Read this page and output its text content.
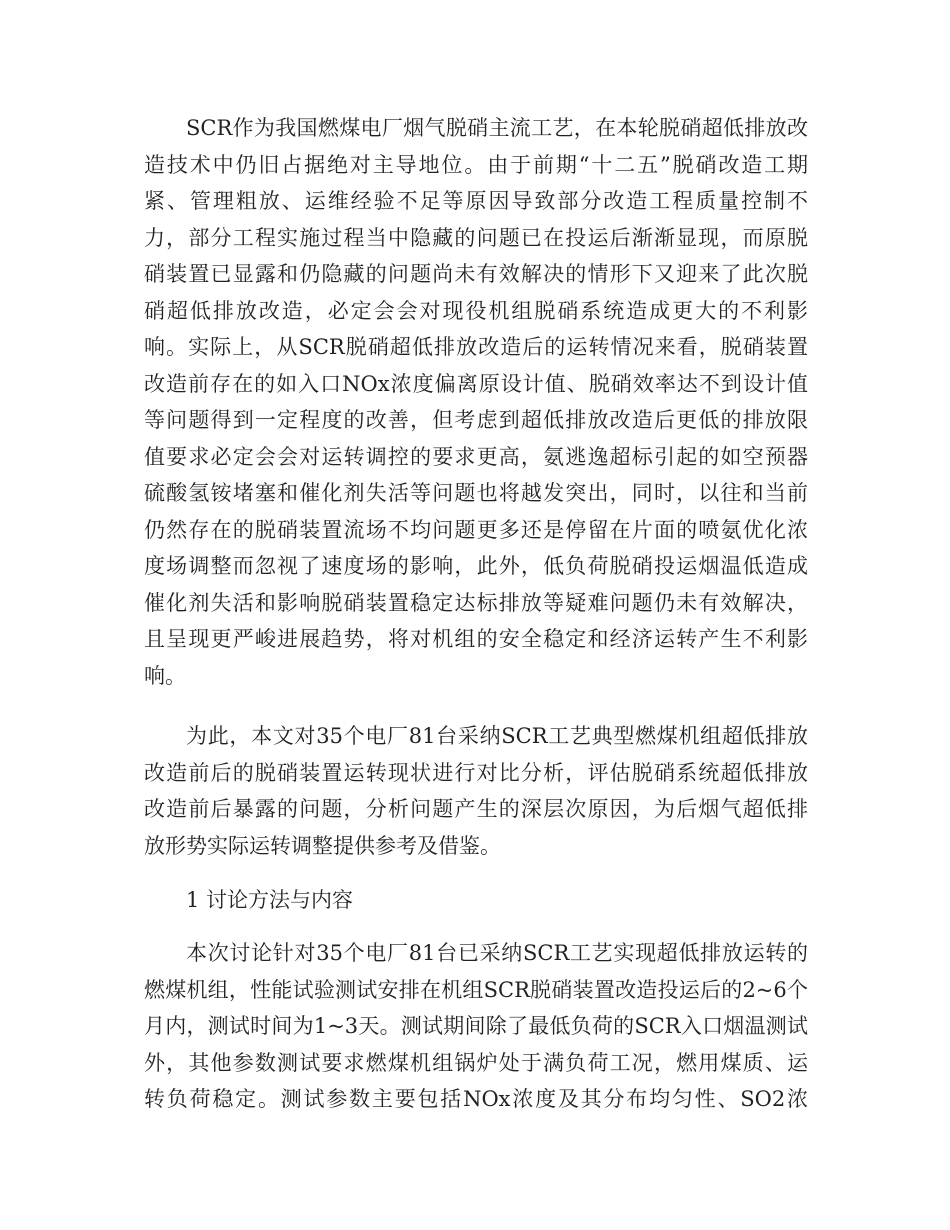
SCR作为我国燃煤电厂烟气脱硝主流工艺，在本轮脱硝超低排放改
造技术中仍旧占据绝对主导地位。由于前期“十二五”脱硝改造工期
紧、管理粗放、运维经验不足等原因导致部分改造工程质量控制不
力，部分工程实施过程当中隐藏的问题已在投运后渐渐显现，而原脱
硝装置已显露和仍隐藏的问题尚未有效解决的情形下又迎来了此次脱
硝超低排放改造，必定会会对现役机组脱硝系统造成更大的不利影
响。实际上，从SCR脱硝超低排放改造后的运转情况来看，脱硝装置
改造前存在的如入口NOx浓度偏离原设计值、脱硝效率达不到设计值
等问题得到一定程度的改善，但考虑到超低排放改造后更低的排放限
值要求必定会会对运转调控的要求更高，氨逃逸超标引起的如空预器
硫酸氢铵堵塞和催化剂失活等问题也将越发突出，同时，以往和当前
仍然存在的脱硝装置流场不均问题更多还是停留在片面的喷氨优化浓
度场调整而忽视了速度场的影响，此外，低负荷脱硝投运烟温低造成
催化剂失活和影响脱硝装置稳定达标排放等疑难问题仍未有效解决，
且呈现更严峻进展趋势，将对机组的安全稳定和经济运转产生不利影
响。
为此，本文对35个电厂81台采纳SCR工艺典型燃煤机组超低排放
改造前后的脱硝装置运转现状进行对比分析，评估脱硝系统超低排放
改造前后暴露的问题，分析问题产生的深层次原因，为后烟气超低排
放形势实际运转调整提供参考及借鉴。
1 讨论方法与内容
本次讨论针对35个电厂81台已采纳SCR工艺实现超低排放运转的
燃煤机组，性能试验测试安排在机组SCR脱硝装置改造投运后的2~6个
月内，测试时间为1~3天。测试期间除了最低负荷的SCR入口烟温测试
外，其他参数测试要求燃煤机组锅炉处于满负荷工况，燃用煤质、运
转负荷稳定。测试参数主要包括NOx浓度及其分布均匀性、SO2浓
